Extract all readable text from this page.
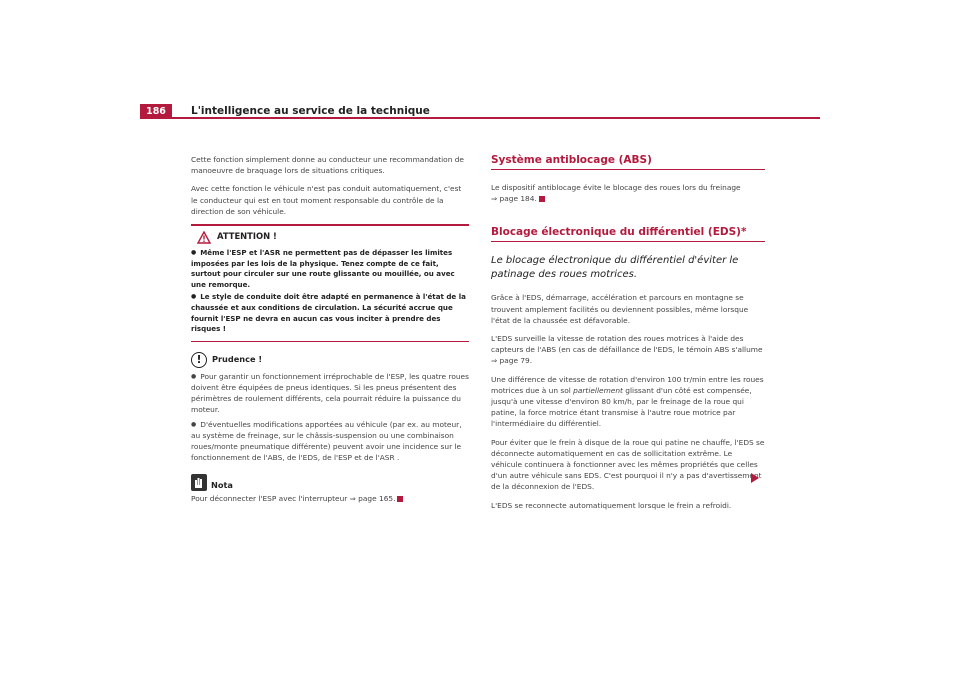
186	L'intelligence au service de la technique

Cette fonction simplement donne au conducteur une recommandation de manoeuvre de braquage lors de situations critiques.

Avec cette fonction le véhicule n'est pas conduit automatiquement, c'est le conducteur qui est en tout moment responsable du contrôle de la direction de son véhicule.

ATTENTION !
● Même l'ESP et l'ASR ne permettent pas de dépasser les limites imposées par les lois de la physique. Tenez compte de ce fait, surtout pour circuler sur une route glissante ou mouillée, ou avec une remorque.
● Le style de conduite doit être adapté en permanence à l'état de la chaussée et aux conditions de circulation. La sécurité accrue que fournit l'ESP ne devra en aucun cas vous inciter à prendre des risques !
!	Prudence !
● Pour garantir un fonctionnement irréprochable de l'ESP, les quatre roues doivent être équipées de pneus identiques. Si les pneus présentent des périmètres de roulement différents, cela pourrait réduire la puissance du moteur.
● D'éventuelles modifications apportées au véhicule (par ex. au moteur, au système de freinage, sur le châssis-suspension ou une combinaison roues/monte pneumatique différente) peuvent avoir une incidence sur le fonctionnement de l'ABS, de l'EDS, de l'ESP et de l'ASR .
Nota

Pour déconnecter l'ESP avec l'interrupteur ⇒ page 165.

Système antiblocage (ABS)

Le dispositif antiblocage évite le blocage des roues lors du freinage
⇒ page 184.

Blocage électronique du différentiel (EDS)*
Le blocage électronique du différentiel d'éviter le patinage des roues motrices.

Grâce à l'EDS, démarrage, accélération et parcours en montagne se trouvent amplement facilités ou deviennent possibles, même lorsque l'état de la chaussée est défavorable.

L'EDS surveille la vitesse de rotation des roues motrices à l'aide des capteurs de l'ABS (en cas de défaillance de l'EDS, le témoin ABS s'allume ⇒ page 79.

Une différence de vitesse de rotation d'environ 100 tr/min entre les roues motrices due à un sol partiellement glissant d'un côté est compensée, jusqu'à une vitesse d'environ 80 km/h, par le freinage de la roue qui patine, la force motrice étant transmise à l'autre roue motrice par l'intermédiaire du différentiel.

Pour éviter que le frein à disque de la roue qui patine ne chauffe, l'EDS se déconnecte automatiquement en cas de sollicitation extrême. Le véhicule continuera à fonctionner avec les mêmes propriétés que celles d'un autre véhicule sans EDS. C'est pourquoi il n'y a pas d'avertissement de la déconnexion de l'EDS.

L'EDS se reconnecte automatiquement lorsque le frein a refroidi.
